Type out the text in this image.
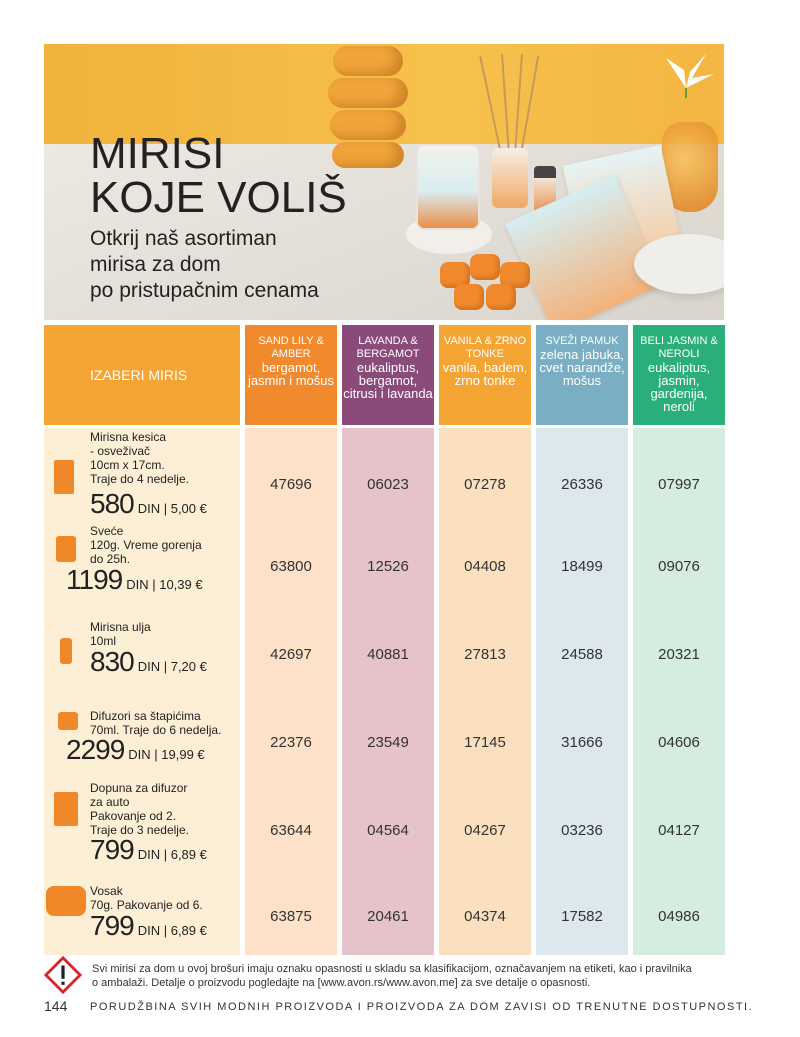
MIRISI
KOJE VOLIŠ
Otkrij naš asortiman
mirisa za dom
po pristupačnim cenama
IZABERI MIRIS
SAND LILY & AMBER
bergamot, jasmin i mošus
47696
63800
42697
22376
63644
63875
LAVANDA & BERGAMOT
eukaliptus, bergamot, citrusi i lavanda
06023
12526
40881
23549
04564
20461
VANILA & ZRNO TONKE
vanila, badem, zrno tonke
07278
04408
27813
17145
04267
04374
SVEŽI PAMUK
zelena jabuka, cvet narandže, mošus
26336
18499
24588
31666
03236
17582
BELI JASMIN & NEROLI
eukaliptus, jasmin, gardenija, neroli
07997
09076
20321
04606
04127
04986
Mirisna kesica
- osveživač
10cm x 17cm.
Traje do 4 nedelje.
580 DIN | 5,00 €
Sveće
120g. Vreme gorenja
do 25h.
1199 DIN | 10,39 €
Mirisna ulja
10ml
830 DIN | 7,20 €
Difuzori sa štapićima
70ml. Traje do 6 nedelja.
2299 DIN | 19,99 €
Dopuna za difuzor
za auto
Pakovanje od 2.
Traje do 3 nedelje.
799 DIN | 6,89 €
Vosak
70g. Pakovanje od 6.
799 DIN | 6,89 €
Svi mirisi za dom u ovoj brošuri imaju oznaku opasnosti u skladu sa klasifikacijom, označavanjem na etiketi, kao i pravilnika
o ambalaži. Detalje o proizvodu pogledajte na [www.avon.rs/www.avon.me] za sve detalje o opasnosti.
144 PORUDŽBINA SVIH MODNIH PROIZVODA I PROIZVODA ZA DOM ZAVISI OD TRENUTNE DOSTUPNOSTI.
